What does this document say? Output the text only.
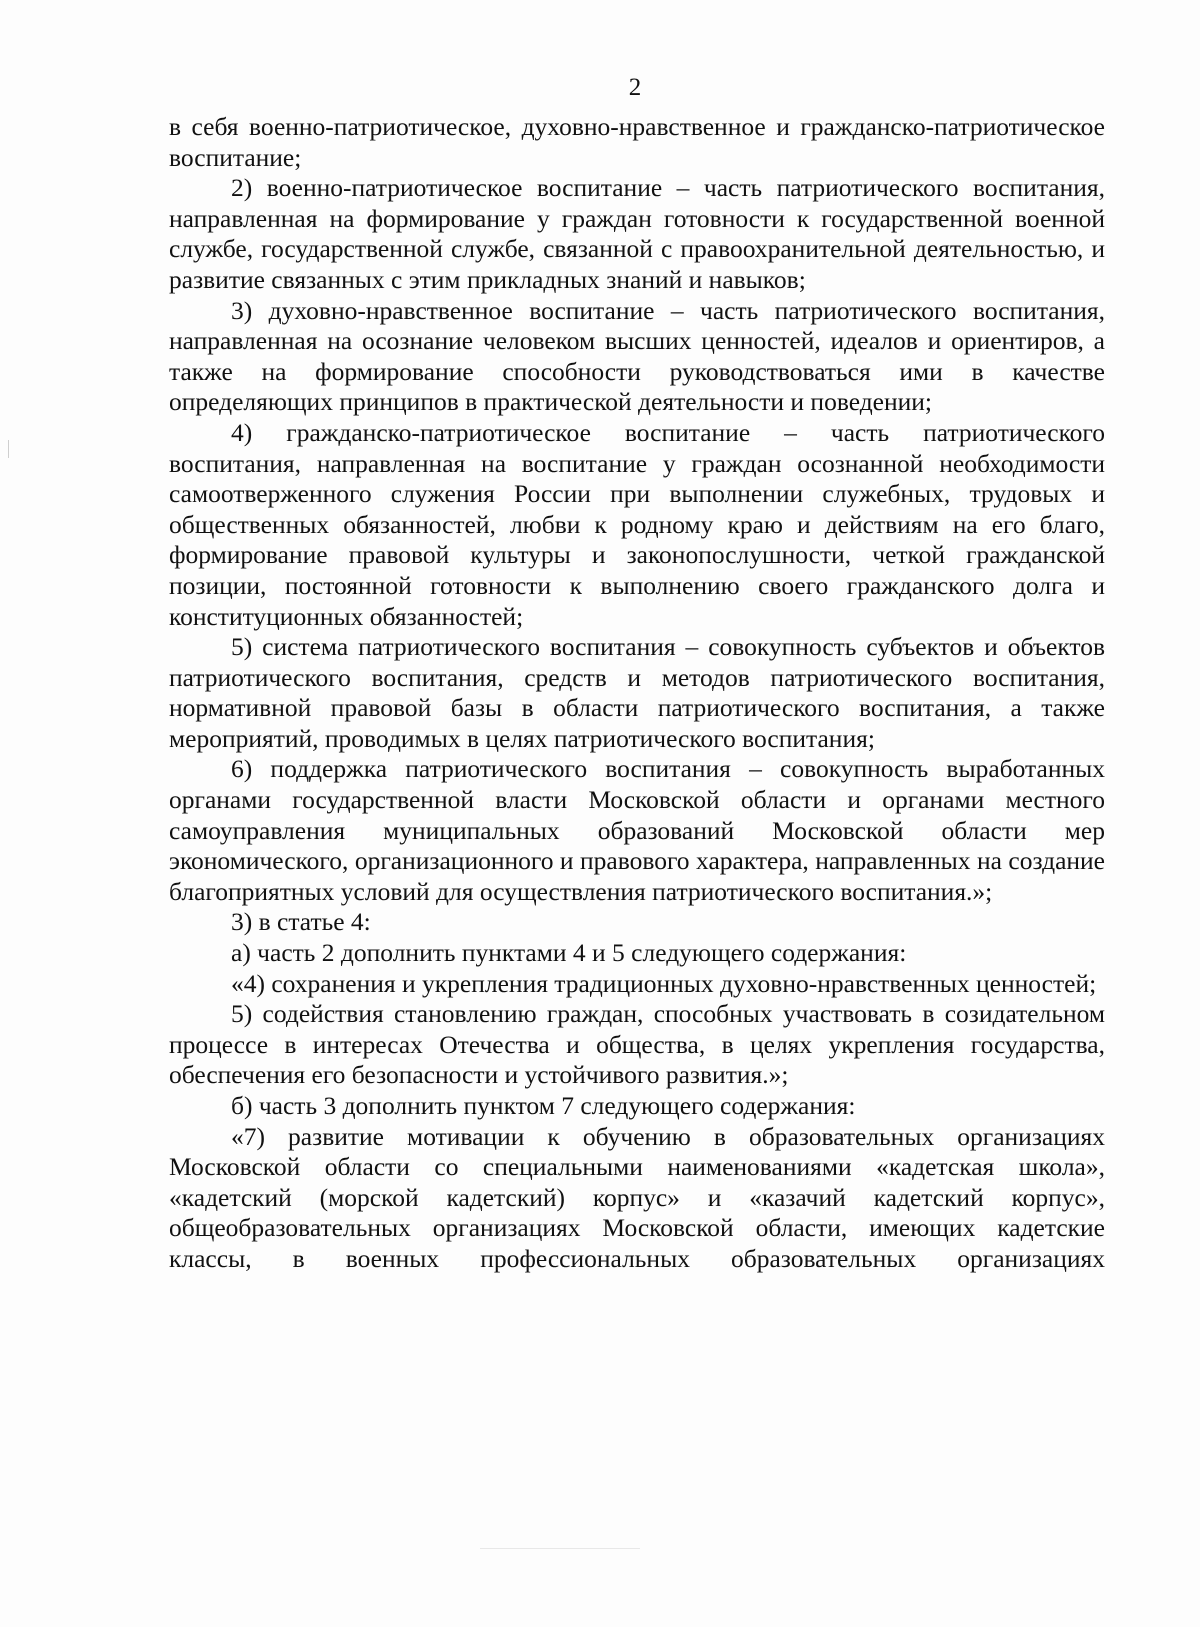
2

в себя военно-патриотическое, духовно-нравственное и гражданско-патриотическое воспитание;

2) военно-патриотическое воспитание – часть патриотического воспитания, направленная на формирование у граждан готовности к государственной военной службе, государственной службе, связанной с правоохранительной деятельностью, и развитие связанных с этим прикладных знаний и навыков;

3) духовно-нравственное воспитание – часть патриотического воспитания, направленная на осознание человеком высших ценностей, идеалов и ориентиров, а также на формирование способности руководствоваться ими в качестве определяющих принципов в практической деятельности и поведении;

4) гражданско-патриотическое воспитание – часть патриотического воспитания, направленная на воспитание у граждан осознанной необходимости самоотверженного служения России при выполнении служебных, трудовых и общественных обязанностей, любви к родному краю и действиям на его благо, формирование правовой культуры и законопослушности, четкой гражданской позиции, постоянной готовности к выполнению своего гражданского долга и конституционных обязанностей;

5) система патриотического воспитания – совокупность субъектов и объектов патриотического воспитания, средств и методов патриотического воспитания, нормативной правовой базы в области патриотического воспитания, а также мероприятий, проводимых в целях патриотического воспитания;

6) поддержка патриотического воспитания – совокупность выработанных органами государственной власти Московской области и органами местного самоуправления муниципальных образований Московской области мер экономического, организационного и правового характера, направленных на создание благоприятных условий для осуществления патриотического воспитания.»;

3) в статье 4:

а) часть 2 дополнить пунктами 4 и 5 следующего содержания:

«4) сохранения и укрепления традиционных духовно-нравственных ценностей;

5) содействия становлению граждан, способных участвовать в созидательном процессе в интересах Отечества и общества, в целях укрепления государства, обеспечения его безопасности и устойчивого развития.»;

б) часть 3 дополнить пунктом 7 следующего содержания:

«7) развитие мотивации к обучению в образовательных организациях Московской области со специальными наименованиями «кадетская школа», «кадетский (морской кадетский) корпус» и «казачий кадетский корпус», общеобразовательных организациях Московской области, имеющих кадетские классы, в военных профессиональных образовательных организациях
